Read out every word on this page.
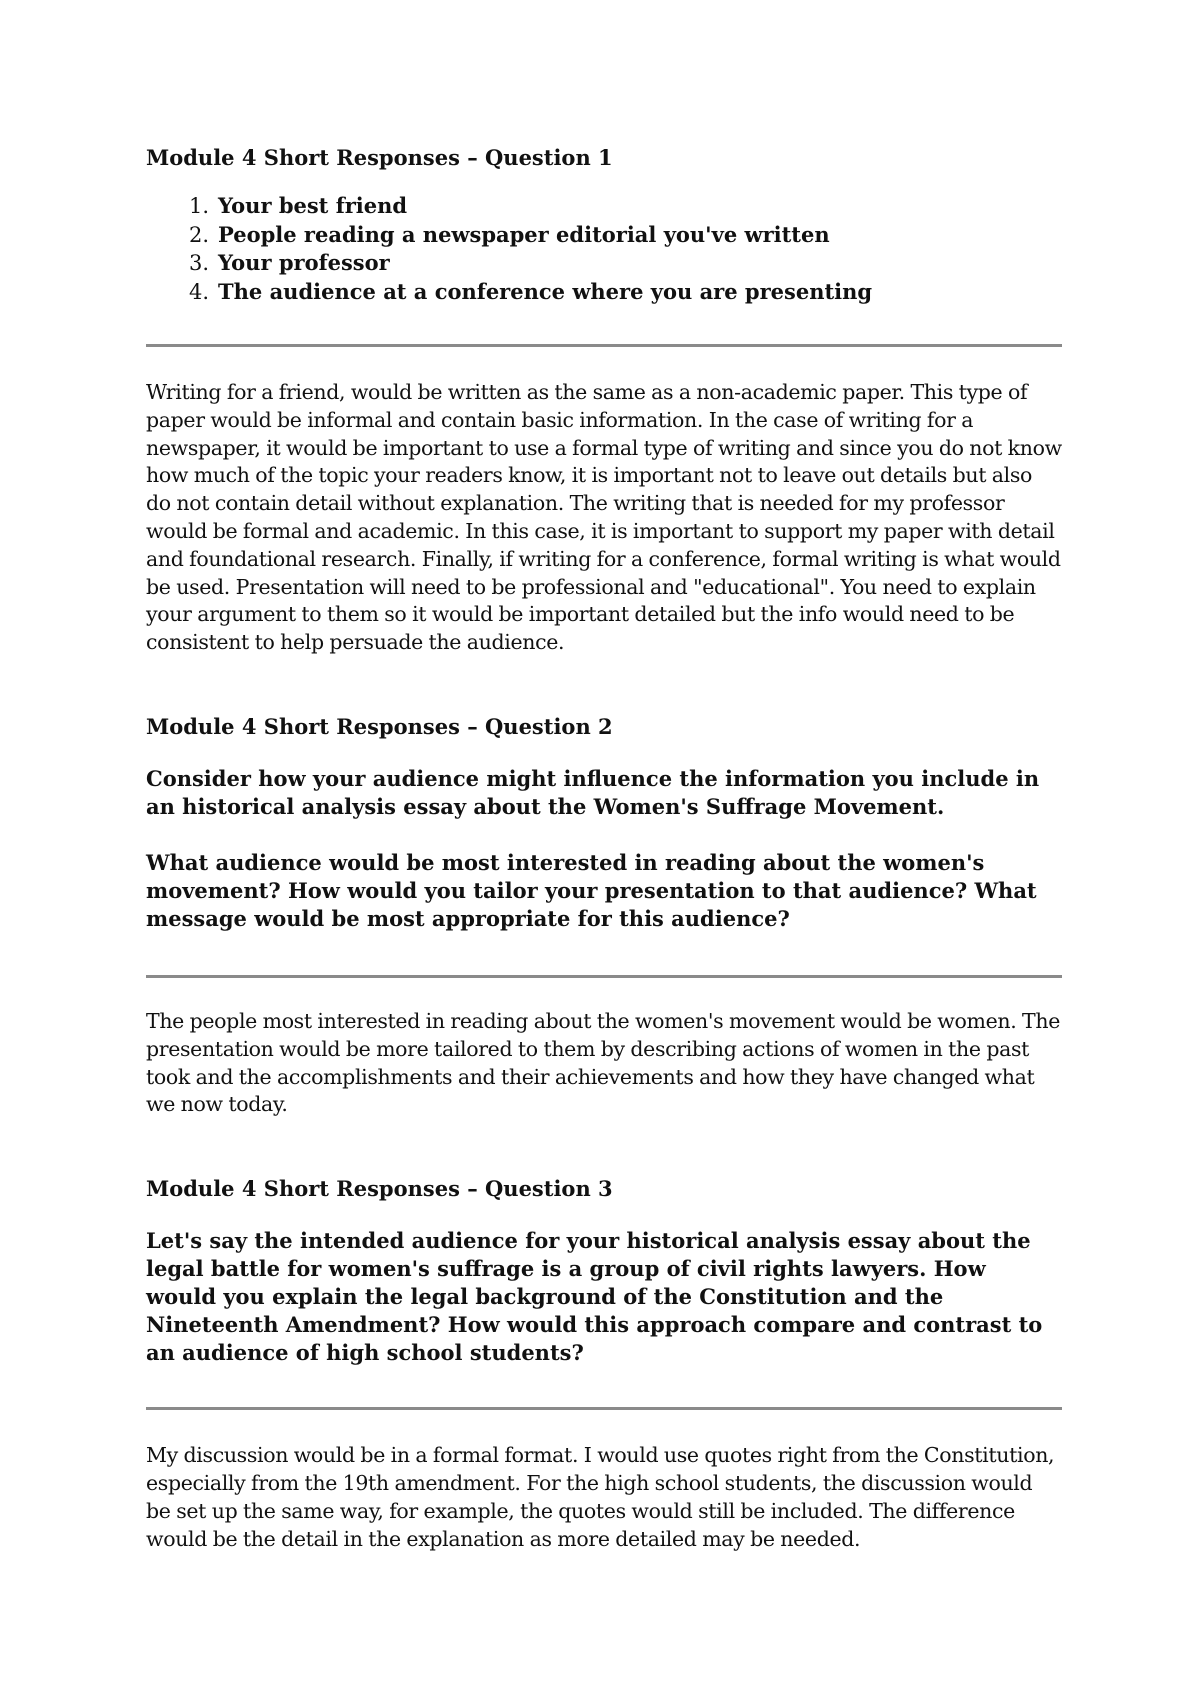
Module 4 Short Responses – Question 1

1. Your best friend
2. People reading a newspaper editorial you've written
3. Your professor
4. The audience at a conference where you are presenting

Writing for a friend, would be written as the same as a non-academic paper. This type of paper would be informal and contain basic information. In the case of writing for a newspaper, it would be important to use a formal type of writing and since you do not know how much of the topic your readers know, it is important not to leave out details but also do not contain detail without explanation. The writing that is needed for my professor would be formal and academic. In this case, it is important to support my paper with detail and foundational research. Finally, if writing for a conference, formal writing is what would be used. Presentation will need to be professional and "educational". You need to explain your argument to them so it would be important detailed but the info would need to be consistent to help persuade the audience.

Module 4 Short Responses – Question 2

Consider how your audience might influence the information you include in an historical analysis essay about the Women's Suffrage Movement.

What audience would be most interested in reading about the women's movement? How would you tailor your presentation to that audience? What message would be most appropriate for this audience?

The people most interested in reading about the women's movement would be women. The presentation would be more tailored to them by describing actions of women in the past took and the accomplishments and their achievements and how they have changed what we now today.

Module 4 Short Responses – Question 3

Let's say the intended audience for your historical analysis essay about the legal battle for women's suffrage is a group of civil rights lawyers. How would you explain the legal background of the Constitution and the Nineteenth Amendment? How would this approach compare and contrast to an audience of high school students?

My discussion would be in a formal format. I would use quotes right from the Constitution, especially from the 19th amendment. For the high school students, the discussion would be set up the same way, for example, the quotes would still be included. The difference would be the detail in the explanation as more detailed may be needed.
